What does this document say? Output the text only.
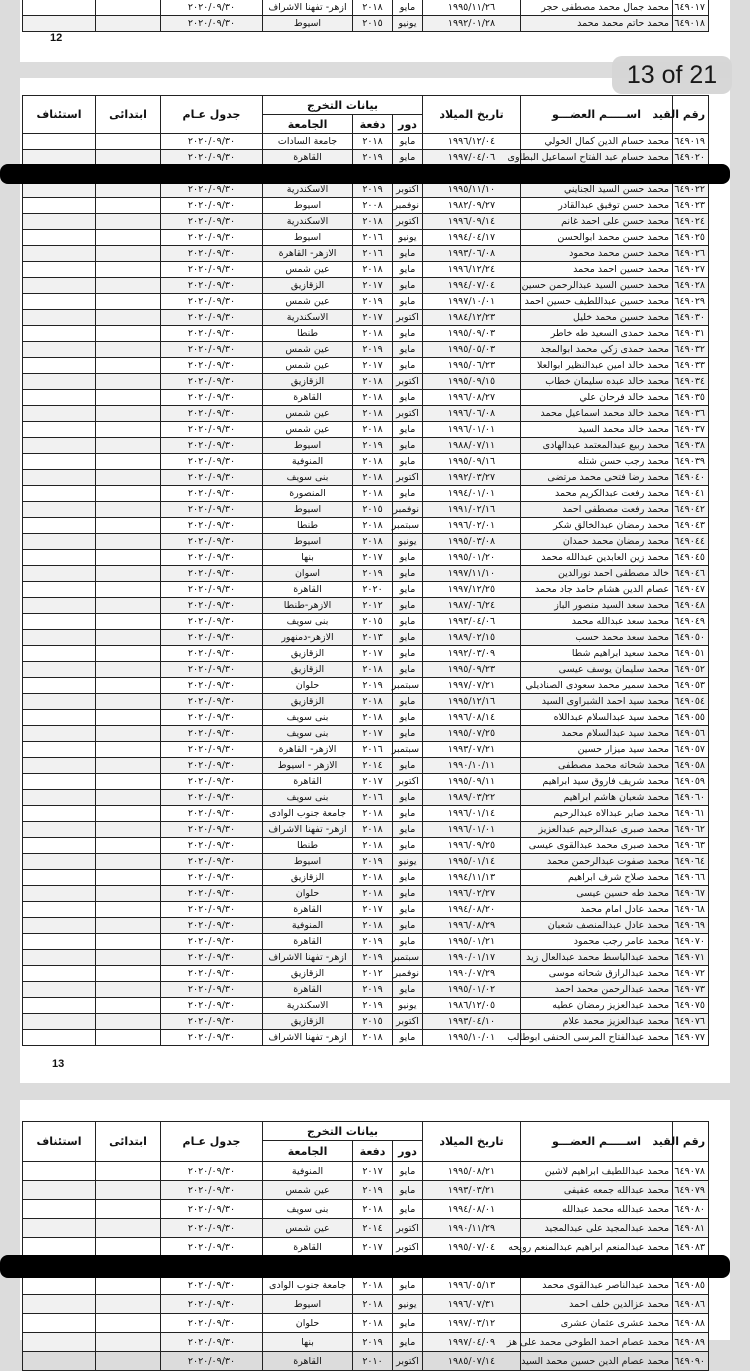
٦٤٩٠١٧	محمد جمال محمد مصطفى حجر	١٩٩٥/١١/٢٦	مايو	٢٠١٨	ازهر- تفهنا الاشراف	٢٠٢٠/٠٩/٣٠		
٦٤٩٠١٨	محمد حاتم محمد محمد	١٩٩٢/٠١/٢٨	يونيو	٢٠١٥	اسيوط	٢٠٢٠/٠٩/٣٠		
12
رقم القيد	اســـــم العضـــو	تاريخ الميلاد	بيانات التخرج			جدول عـام	ابتدائى	استئناف
			دور	دفعة	الجامعة			
٦٤٩٠١٩	محمد حسام الدين كمال الخولي	١٩٩٦/١٢/٠٤	مايو	٢٠١٨	جامعة السادات	٢٠٢٠/٠٩/٣٠		
٦٤٩٠٢٠	محمد حسام عبد الفتاح اسماعيل البطاوى	١٩٩٧/٠٤/٠٦	مايو	٢٠١٩	القاهرة	٢٠٢٠/٠٩/٣٠		

٦٤٩٠٢٢	محمد حسن السيد الجنايني	١٩٩٥/١١/١٠	اكتوبر	٢٠١٩	الاسكندرية	٢٠٢٠/٠٩/٣٠		
٦٤٩٠٢٣	محمد حسن توفيق عبدالقادر	١٩٨٢/٠٩/٢٧	نوفمبر	٢٠٠٨	اسيوط	٢٠٢٠/٠٩/٣٠		
٦٤٩٠٢٤	محمد حسن على احمد غانم	١٩٩٦/٠٩/١٤	اكتوبر	٢٠١٨	الاسكندرية	٢٠٢٠/٠٩/٣٠		
٦٤٩٠٢٥	محمد حسن محمد ابوالحسن	١٩٩٤/٠٤/١٧	يونيو	٢٠١٦	اسيوط	٢٠٢٠/٠٩/٣٠		
٦٤٩٠٢٦	محمد حسن محمد محمود	١٩٩٣/٠٦/٠٨	مايو	٢٠١٦	الازهر- القاهرة	٢٠٢٠/٠٩/٣٠		
٦٤٩٠٢٧	محمد حسين احمد محمد	١٩٩٦/١٢/٢٤	مايو	٢٠١٨	عين شمس	٢٠٢٠/٠٩/٣٠		
٦٤٩٠٢٨	محمد حسين السيد عبدالرحمن حسين	١٩٩٤/٠٧/٠٤	مايو	٢٠١٧	الزقازيق	٢٠٢٠/٠٩/٣٠		
٦٤٩٠٢٩	محمد حسين عبداللطيف حسين احمد	١٩٩٧/١٠/٠١	مايو	٢٠١٩	عين شمس	٢٠٢٠/٠٩/٣٠		
٦٤٩٠٣٠	محمد حسين محمد خليل	١٩٨٤/١٢/٢٣	اكتوبر	٢٠١٧	الاسكندرية	٢٠٢٠/٠٩/٣٠		
٦٤٩٠٣١	محمد حمدى السعيد طه خاطر	١٩٩٥/٠٩/٠٣	مايو	٢٠١٨	طنطا	٢٠٢٠/٠٩/٣٠		
٦٤٩٠٣٢	محمد حمدى زكي محمد ابوالمجد	١٩٩٥/٠٥/٠٣	مايو	٢٠١٩	عين شمس	٢٠٢٠/٠٩/٣٠		
٦٤٩٠٣٣	محمد خالد امين عبدالنظير ابوالعلا	١٩٩٥/٠٦/٢٣	مايو	٢٠١٧	عين شمس	٢٠٢٠/٠٩/٣٠		
٦٤٩٠٣٤	محمد خالد عبده سليمان خطاب	١٩٩٥/٠٩/١٥	اكتوبر	٢٠١٨	الزقازيق	٢٠٢٠/٠٩/٣٠		
٦٤٩٠٣٥	محمد خالد فرحان علي	١٩٩٦/٠٨/٢٧	مايو	٢٠١٨	القاهرة	٢٠٢٠/٠٩/٣٠		
٦٤٩٠٣٦	محمد خالد محمد اسماعيل محمد	١٩٩٦/٠٦/٠٨	اكتوبر	٢٠١٨	عين شمس	٢٠٢٠/٠٩/٣٠		
٦٤٩٠٣٧	محمد خالد محمد السيد	١٩٩٦/٠١/٠١	مايو	٢٠١٨	عين شمس	٢٠٢٠/٠٩/٣٠		
٦٤٩٠٣٨	محمد ربيع عبدالمعتمد عبدالهادى	١٩٨٨/٠٧/١١	مايو	٢٠١٩	اسيوط	٢٠٢٠/٠٩/٣٠		
٦٤٩٠٣٩	محمد رجب حسن شتله	١٩٩٥/٠٩/١٦	مايو	٢٠١٨	المنوفية	٢٠٢٠/٠٩/٣٠		
٦٤٩٠٤٠	محمد رضا فتحى محمد مرتضى	١٩٩٢/٠٣/٢٧	اكتوبر	٢٠١٨	بنى سويف	٢٠٢٠/٠٩/٣٠		
٦٤٩٠٤١	محمد رفعت عبدالكريم محمد	١٩٩٤/٠١/٠١	مايو	٢٠١٨	المنصورة	٢٠٢٠/٠٩/٣٠		
٦٤٩٠٤٢	محمد رفعت مصطفى احمد	١٩٩١/٠٢/١٦	نوفمبر	٢٠١٥	اسيوط	٢٠٢٠/٠٩/٣٠		
٦٤٩٠٤٣	محمد رمضان عبدالخالق شكر	١٩٩٦/٠٢/٠١	سبتمبر	٢٠١٨	طنطا	٢٠٢٠/٠٩/٣٠		
٦٤٩٠٤٤	محمد رمضان محمد حمدان	١٩٩٥/٠٣/٠٨	يونيو	٢٠١٨	اسيوط	٢٠٢٠/٠٩/٣٠		
٦٤٩٠٤٥	محمد زين العابدين عبدالله محمد	١٩٩٥/٠١/٢٠	مايو	٢٠١٧	بنها	٢٠٢٠/٠٩/٣٠		
٦٤٩٠٤٦	خالد مصطفى احمد نورالدين	١٩٩٧/١١/١٠	مايو	٢٠١٩	اسوان	٢٠٢٠/٠٩/٣٠		
٦٤٩٠٤٧	عصام الدين هشام حامد جاد محمد	١٩٩٧/١٢/٢٥	مايو	٢٠٢٠	القاهرة	٢٠٢٠/٠٩/٣٠		
٦٤٩٠٤٨	محمد سعد السيد منصور الباز	١٩٨٧/٠٦/٢٤	مايو	٢٠١٢	الازهر-طنطا	٢٠٢٠/٠٩/٣٠		
٦٤٩٠٤٩	محمد سعد عبدالله محمد	١٩٩٣/٠٤/٠٦	مايو	٢٠١٥	بنى سويف	٢٠٢٠/٠٩/٣٠		
٦٤٩٠٥٠	محمد سعد محمد حسب	١٩٨٩/٠٢/١٥	مايو	٢٠١٣	الازهر-دمنهور	٢٠٢٠/٠٩/٣٠		
٦٤٩٠٥١	محمد سعيد ابراهيم شطا	١٩٩٢/٠٣/٠٩	مايو	٢٠١٧	الزقازيق	٢٠٢٠/٠٩/٣٠		
٦٤٩٠٥٢	محمد سليمان يوسف عيسى	١٩٩٥/٠٩/٢٣	مايو	٢٠١٨	الزقازيق	٢٠٢٠/٠٩/٣٠		
٦٤٩٠٥٣	محمد سمير محمد سعودى الصناديلي	١٩٩٧/٠٧/٢١	سبتمبر	٢٠١٩	حلوان	٢٠٢٠/٠٩/٣٠		
٦٤٩٠٥٤	محمد سيد احمد الشبراوى السيد	١٩٩٥/١٢/١٦	مايو	٢٠١٨	الزقازيق	٢٠٢٠/٠٩/٣٠		
٦٤٩٠٥٥	محمد سيد عبدالسلام عبداللاه	١٩٩٦/٠٨/١٤	مايو	٢٠١٨	بنى سويف	٢٠٢٠/٠٩/٣٠		
٦٤٩٠٥٦	محمد سيد عبدالسلام محمد	١٩٩٥/٠٧/٢٥	مايو	٢٠١٧	بنى سويف	٢٠٢٠/٠٩/٣٠		
٦٤٩٠٥٧	محمد سيد ميزار حسين	١٩٩٣/٠٧/٢١	سبتمبر	٢٠١٦	الازهر- القاهرة	٢٠٢٠/٠٩/٣٠		
٦٤٩٠٥٨	محمد شحاته محمد مصطفى	١٩٩٠/١٠/١١	مايو	٢٠١٤	الازهر - اسيوط	٢٠٢٠/٠٩/٣٠		
٦٤٩٠٥٩	محمد شريف فاروق سيد ابراهيم	١٩٩٥/٠٩/١١	اكتوبر	٢٠١٧	القاهرة	٢٠٢٠/٠٩/٣٠		
٦٤٩٠٦٠	محمد شعبان هاشم ابراهيم	١٩٨٩/٠٣/٢٢	مايو	٢٠١٦	بنى سويف	٢٠٢٠/٠٩/٣٠		
٦٤٩٠٦١	محمد صابر عبدالاه عبدالرحيم	١٩٩٦/٠١/١٤	مايو	٢٠١٨	جامعة جنوب الوادى	٢٠٢٠/٠٩/٣٠		
٦٤٩٠٦٢	محمد صبرى عبدالرحيم عبدالعزيز	١٩٩٦/٠١/٠١	مايو	٢٠١٨	ازهر- تفهنا الاشراف	٢٠٢٠/٠٩/٣٠		
٦٤٩٠٦٣	محمد صبرى محمد عبدالقوى عيسى	١٩٩٦/٠٩/٢٥	مايو	٢٠١٨	طنطا	٢٠٢٠/٠٩/٣٠		
٦٤٩٠٦٤	محمد صفوت عبدالرحمن محمد	١٩٩٥/٠١/١٤	يونيو	٢٠١٩	اسيوط	٢٠٢٠/٠٩/٣٠		
٦٤٩٠٦٦	محمد صلاح شرف ابراهيم	١٩٩٤/١١/١٣	مايو	٢٠١٨	الزقازيق	٢٠٢٠/٠٩/٣٠		
٦٤٩٠٦٧	محمد طه حسين عيسى	١٩٩٦/٠٢/٢٧	مايو	٢٠١٨	حلوان	٢٠٢٠/٠٩/٣٠		
٦٤٩٠٦٨	محمد عادل امام محمد	١٩٩٤/٠٨/٢٠	مايو	٢٠١٧	القاهرة	٢٠٢٠/٠٩/٣٠		
٦٤٩٠٦٩	محمد عادل عبدالمنصف شعبان	١٩٩٦/٠٨/٢٩	مايو	٢٠١٨	المنوفية	٢٠٢٠/٠٩/٣٠		
٦٤٩٠٧٠	محمد عامر رجب محمود	١٩٩٥/٠١/٢١	مايو	٢٠١٩	القاهرة	٢٠٢٠/٠٩/٣٠		
٦٤٩٠٧١	محمد عبدالباسط محمد عبدالعال زيد	١٩٩٠/٠١/١٧	سبتمبر	٢٠١٩	ازهر- تفهنا الاشراف	٢٠٢٠/٠٩/٣٠		
٦٤٩٠٧٢	محمد عبدالرازق شحاته موسى	١٩٩٠/٠٧/٢٩	نوفمبر	٢٠١٢	الزقازيق	٢٠٢٠/٠٩/٣٠		
٦٤٩٠٧٣	محمد عبدالرحمن محمد احمد	١٩٩٥/٠١/٠٢	مايو	٢٠١٩	القاهرة	٢٠٢٠/٠٩/٣٠		
٦٤٩٠٧٥	محمد عبدالعزيز رمضان عطيه	١٩٨٦/١٢/٠٥	يونيو	٢٠١٩	الاسكندرية	٢٠٢٠/٠٩/٣٠		
٦٤٩٠٧٦	محمد عبدالعزيز محمد علام	١٩٩٣/٠٤/١٠	اكتوبر	٢٠١٥	الزقازيق	٢٠٢٠/٠٩/٣٠		
٦٤٩٠٧٧	محمد عبدالفتاح المرسى الحنفى ابوطالب	١٩٩٥/١٠/٠١	مايو	٢٠١٨	ازهر- تفهنا الاشراف	٢٠٢٠/٠٩/٣٠		
13
رقم القيد	اســـــم العضـــو	تاريخ الميلاد	بيانات التخرج			جدول عـام	ابتدائى	استئناف
			دور	دفعة	الجامعة			
٦٤٩٠٧٨	محمد عبداللطيف ابراهيم لاشين	١٩٩٥/٠٨/٢١	مايو	٢٠١٧	المنوفية	٢٠٢٠/٠٩/٣٠		
٦٤٩٠٧٩	محمد عبدالله جمعه عفيفى	١٩٩٣/٠٣/٢١	مايو	٢٠١٩	عين شمس	٢٠٢٠/٠٩/٣٠		
٦٤٩٠٨٠	محمد عبدالله محمد عبدالله	١٩٩٤/٠٨/٠١	مايو	٢٠١٨	بنى سويف	٢٠٢٠/٠٩/٣٠		
٦٤٩٠٨١	محمد عبدالمجيد على عبدالمجيد	١٩٩٠/١١/٢٩	اكتوبر	٢٠١٤	عين شمس	٢٠٢٠/٠٩/٣٠		
٦٤٩٠٨٣	محمد عبدالمنعم ابراهيم عبدالمنعم رويحه	١٩٩٥/٠٧/٠٤	اكتوبر	٢٠١٧	القاهرة	٢٠٢٠/٠٩/٣٠		

٦٤٩٠٨٥	محمد عبدالناصر عبدالقوى محمد	١٩٩٦/٠٥/١٣	مايو	٢٠١٨	جامعة جنوب الوادى	٢٠٢٠/٠٩/٣٠		
٦٤٩٠٨٦	محمد عزالدين خلف احمد	١٩٩٦/٠٧/٣١	يونيو	٢٠١٨	اسيوط	٢٠٢٠/٠٩/٣٠		
٦٤٩٠٨٨	محمد عشرى عثمان عشرى	١٩٩٧/٠٣/١٢	مايو	٢٠١٨	حلوان	٢٠٢٠/٠٩/٣٠		
٦٤٩٠٨٩	محمد عصام احمد الطوخى محمد على هز	١٩٩٧/٠٤/٠٩	مايو	٢٠١٩	بنها	٢٠٢٠/٠٩/٣٠		
٦٤٩٠٩٠	محمد عصام الدين حسين محمد السيد	١٩٨٥/٠٧/١٤	اكتوبر	٢٠١٠	القاهرة	٢٠٢٠/٠٩/٣٠		
13 of 21
